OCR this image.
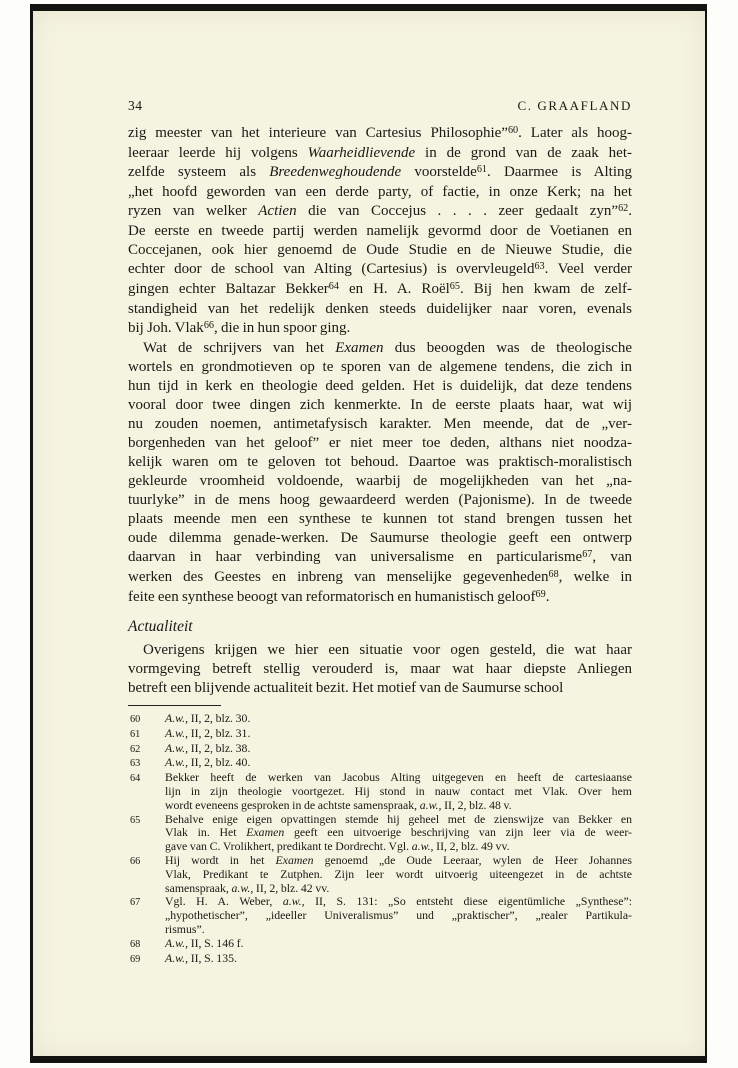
34	C. GRAAFLAND
zig meester van het interieure van Cartesius Philosophie”$^{60}$. Later als hoog-
leeraar leerde hij volgens Waarheidlievende in de grond van de zaak het-
zelfde systeem als Breedenweghoudende voorstelde$^{61}$. Daarmee is Alting
„het hoofd geworden van een derde party, of factie, in onze Kerk; na het
ryzen van welker Actien die van Coccejus . . . . zeer gedaalt zyn”$^{62}$.
De eerste en tweede partij werden namelijk gevormd door de Voetianen en
Coccejanen, ook hier genoemd de Oude Studie en de Nieuwe Studie, die
echter door de school van Alting (Cartesius) is overvleugeld$^{63}$. Veel verder
gingen echter Baltazar Bekker$^{64}$ en H. A. Roël$^{65}$. Bij hen kwam de zelf-
standigheid van het redelijk denken steeds duidelijker naar voren, evenals
bij Joh. Vlak$^{66}$, die in hun spoor ging.
Wat de schrijvers van het Examen dus beoogden was de theologische
wortels en grondmotieven op te sporen van de algemene tendens, die zich in
hun tijd in kerk en theologie deed gelden. Het is duidelijk, dat deze tendens
vooral door twee dingen zich kenmerkte. In de eerste plaats haar, wat wij
nu zouden noemen, antimetafysisch karakter. Men meende, dat de „ver-
borgenheden van het geloof” er niet meer toe deden, althans niet noodza-
kelijk waren om te geloven tot behoud. Daartoe was praktisch-moralistisch
gekleurde vroomheid voldoende, waarbij de mogelijkheden van het „na-
tuurlyke” in de mens hoog gewaardeerd werden (Pajonisme). In de tweede
plaats meende men een synthese te kunnen tot stand brengen tussen het
oude dilemma genade-werken. De Saumurse theologie geeft een ontwerp
daarvan in haar verbinding van universalisme en particularisme$^{67}$, van
werken des Geestes en inbreng van menselijke gegevenheden$^{68}$, welke in
feite een synthese beoogt van reformatorisch en humanistisch geloof$^{69}$.
Actualiteit
Overigens krijgen we hier een situatie voor ogen gesteld, die wat haar
vormgeving betreft stellig verouderd is, maar wat haar diepste Anliegen
betreft een blijvende actualiteit bezit. Het motief van de Saumurse school
60	A.w., II, 2, blz. 30.
61	A.w., II, 2, blz. 31.
62	A.w., II, 2, blz. 38.
63	A.w., II, 2, blz. 40.
64	Bekker heeft de werken van Jacobus Alting uitgegeven en heeft de cartesiaanse
lijn in zijn theologie voortgezet. Hij stond in nauw contact met Vlak. Over hem
wordt eveneens gesproken in de achtste samenspraak, a.w., II, 2, blz. 48 v.
65	Behalve enige eigen opvattingen stemde hij geheel met de zienswijze van Bekker en
Vlak in. Het Examen geeft een uitvoerige beschrijving van zijn leer via de weer-
gave van C. Vrolikhert, predikant te Dordrecht. Vgl. a.w., II, 2, blz. 49 vv.
66	Hij wordt in het Examen genoemd „de Oude Leeraar, wylen de Heer Johannes
Vlak, Predikant te Zutphen. Zijn leer wordt uitvoerig uiteengezet in de achtste
samenspraak, a.w., II, 2, blz. 42 vv.
67	Vgl. H. A. Weber, a.w., II, S. 131: „So entsteht diese eigentümliche „Synthese”:
„hypothetischer”, „ideeller Univeralismus” und „praktischer”, „realer Partikula-
rismus”.
68	A.w., II, S. 146 f.
69	A.w., II, S. 135.
